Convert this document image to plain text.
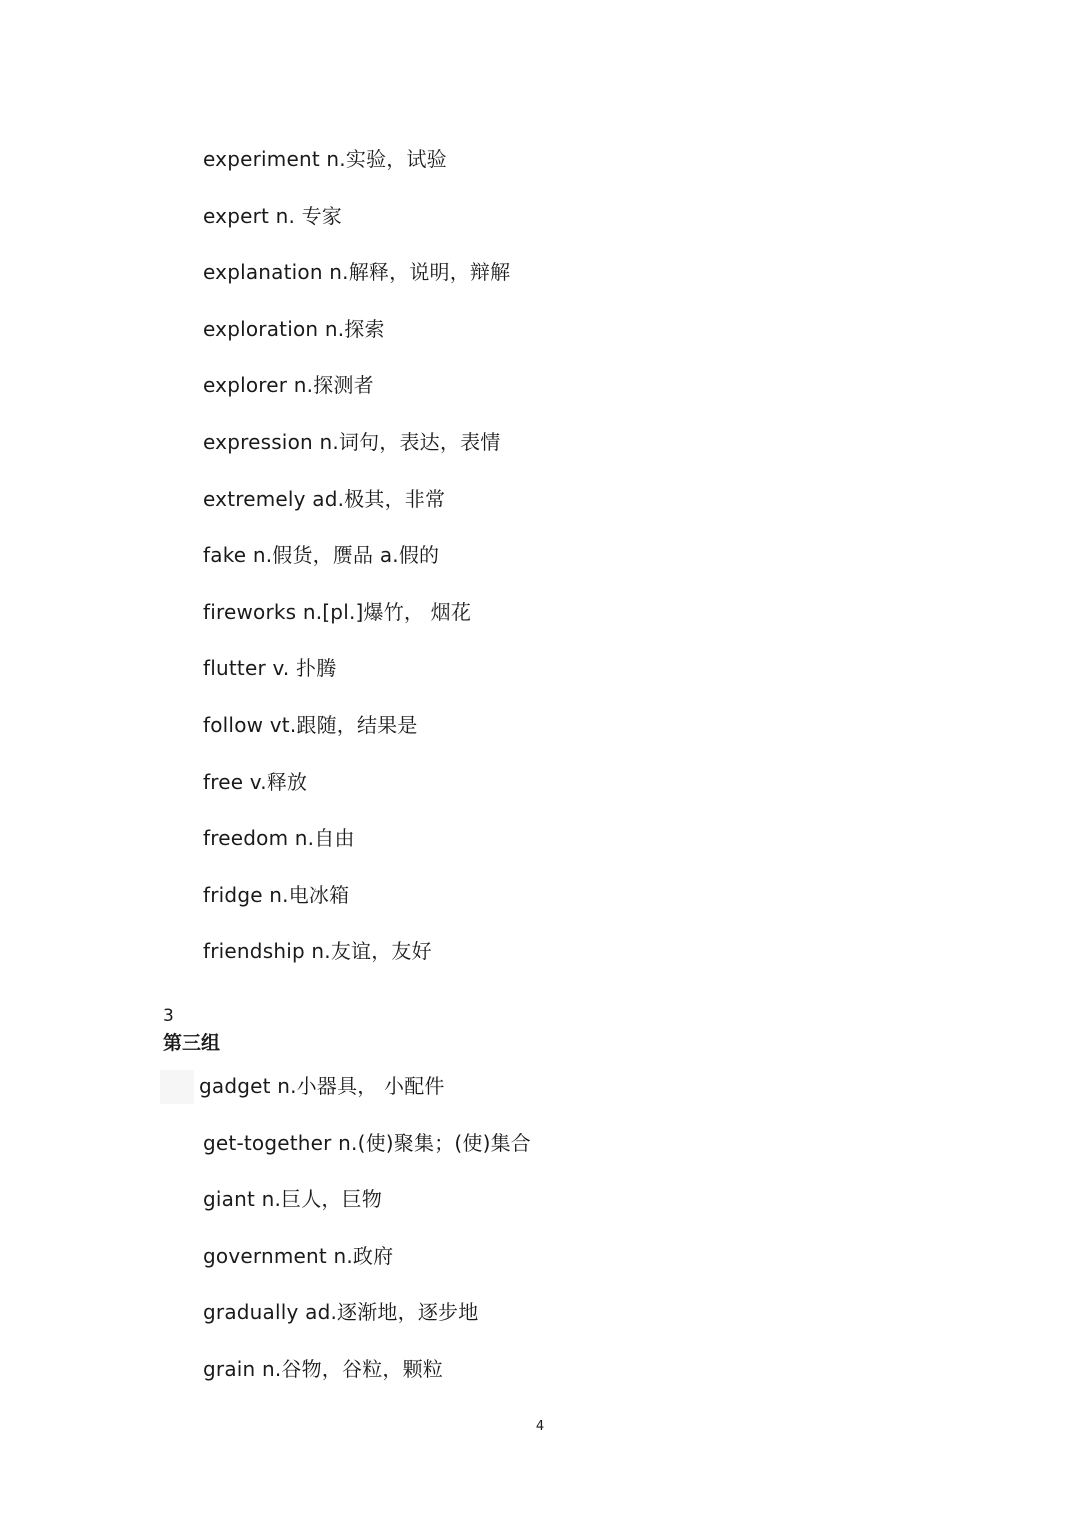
experiment n.实验，试验
expert n. 专家
explanation n.解释，说明，辩解
exploration n.探索
explorer n.探测者
expression n.词句，表达，表情
extremely ad.极其，非常
fake n.假货，赝品 a.假的
fireworks n.[pl.]爆竹， 烟花
flutter v. 扑腾
follow vt.跟随，结果是
free v.释放
freedom n.自由
fridge n.电冰箱
friendship n.友谊，友好
3
第三组
gadget n.小器具， 小配件
get-together n.(使)聚集；(使)集合
giant n.巨人，巨物
government n.政府
gradually ad.逐渐地，逐步地
grain n.谷物，谷粒，颗粒
4
